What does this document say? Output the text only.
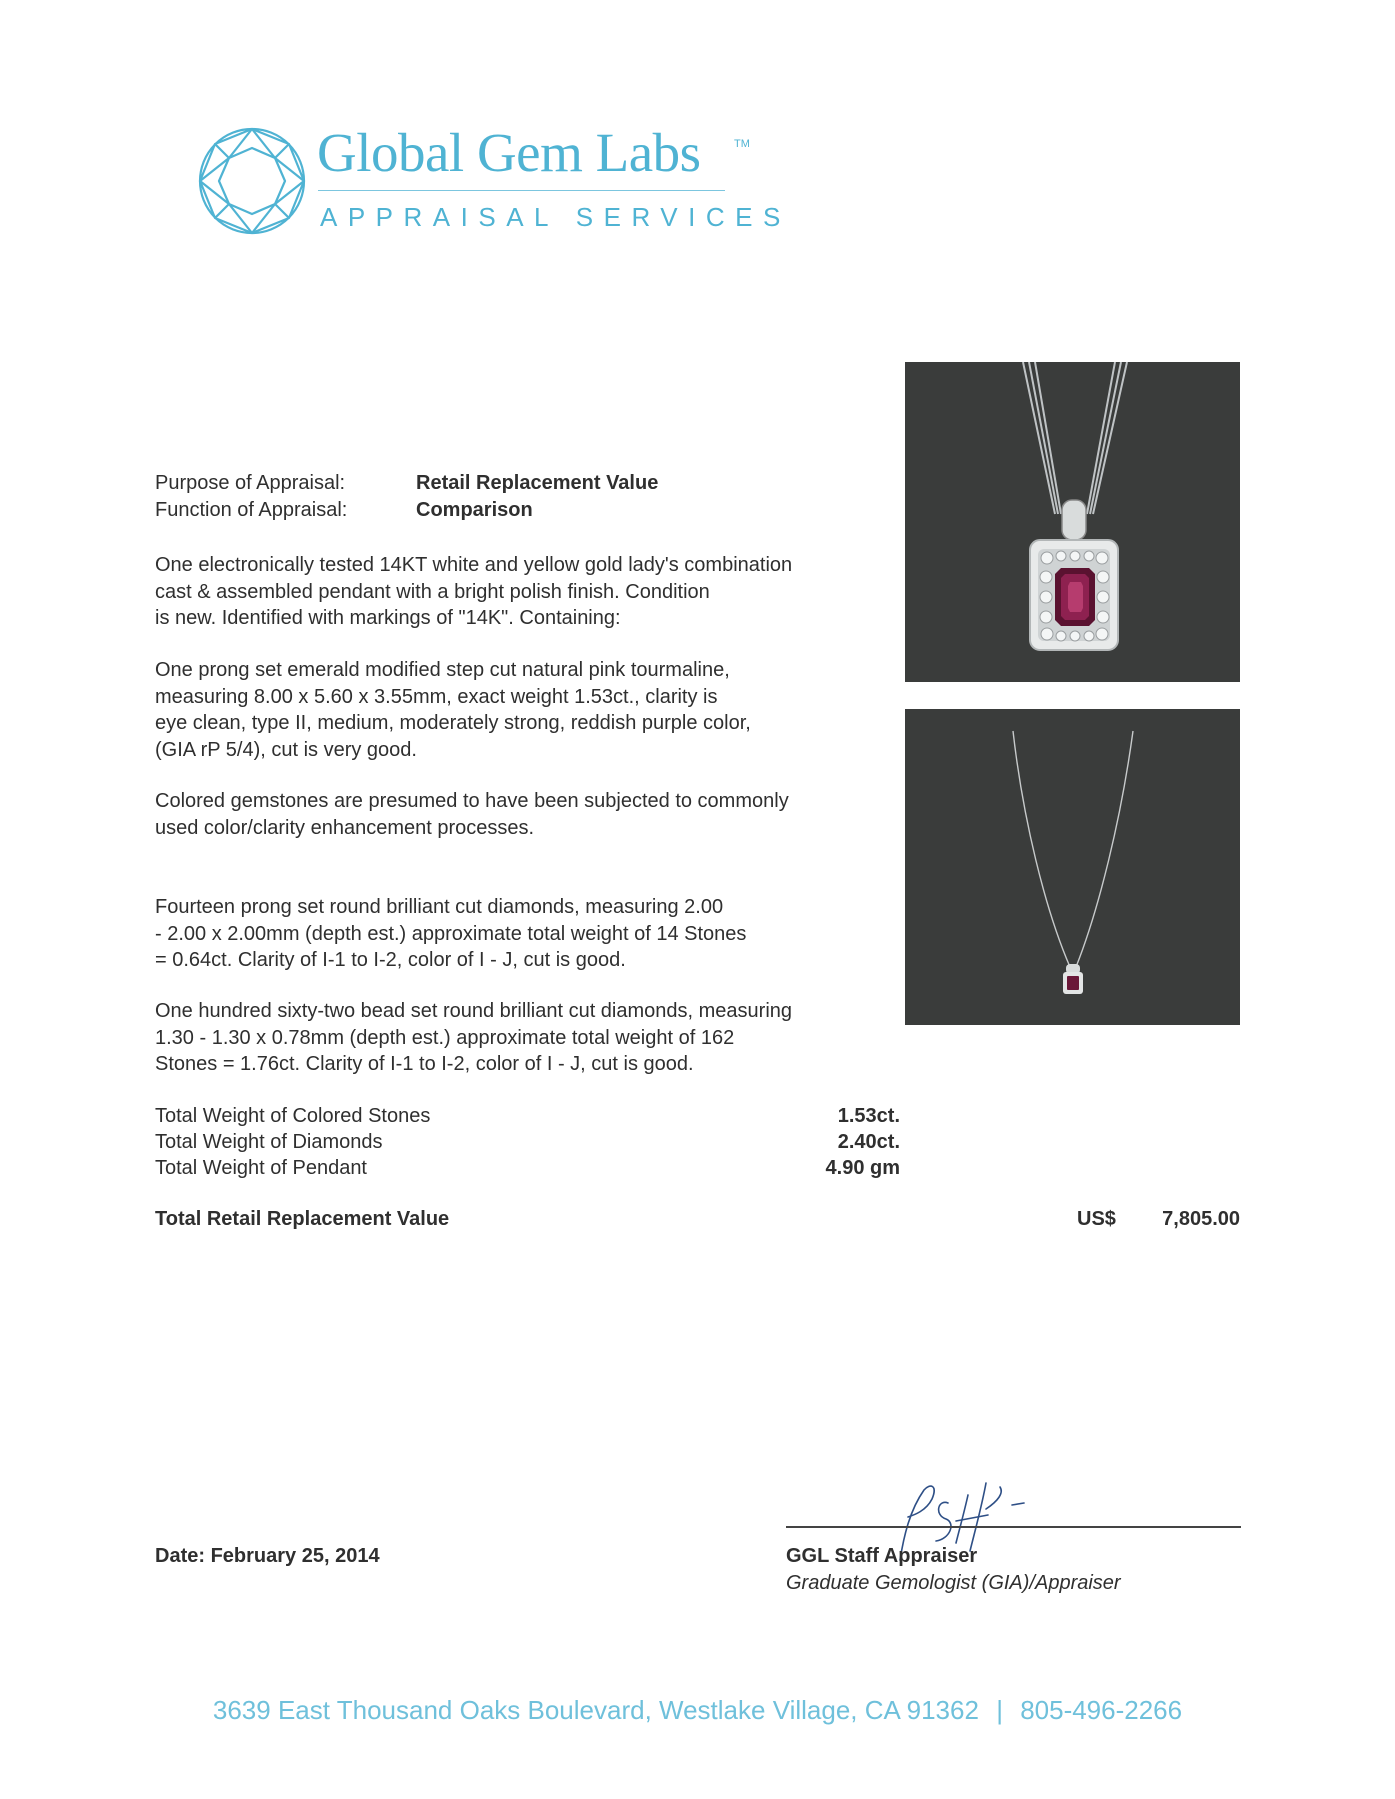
Global Gem Labs	TM
APPRAISAL SERVICES
Purpose of Appraisal:	Retail Replacement Value
Function of Appraisal:	Comparison
One electronically tested 14KT white and yellow gold lady's combination
cast & assembled pendant with a bright polish finish. Condition
is new. Identified with markings of "14K". Containing:
One prong set emerald modified step cut natural pink tourmaline,
measuring 8.00 x 5.60 x 3.55mm, exact weight 1.53ct., clarity is
eye clean, type II, medium, moderately strong, reddish purple color,
(GIA rP 5/4), cut is very good.
Colored gemstones are presumed to have been subjected to commonly
used color/clarity enhancement processes.
Fourteen prong set round brilliant cut diamonds, measuring 2.00
- 2.00 x 2.00mm (depth est.) approximate total weight of 14 Stones
= 0.64ct. Clarity of I-1 to I-2, color of I - J, cut is good.
One hundred sixty-two bead set round brilliant cut diamonds, measuring
1.30 - 1.30 x 0.78mm (depth est.) approximate total weight of 162
Stones = 1.76ct. Clarity of I-1 to I-2, color of I - J, cut is good.
Total Weight of Colored Stones	1.53ct.
Total Weight of Diamonds	2.40ct.
Total Weight of Pendant	4.90 gm
Total Retail Replacement Value	US$ 7,805.00
Date: February 25, 2014	GGL Staff Appraiser
Graduate Gemologist (GIA)/Appraiser
3639 East Thousand Oaks Boulevard, Westlake Village, CA 91362 | 805-496-2266
